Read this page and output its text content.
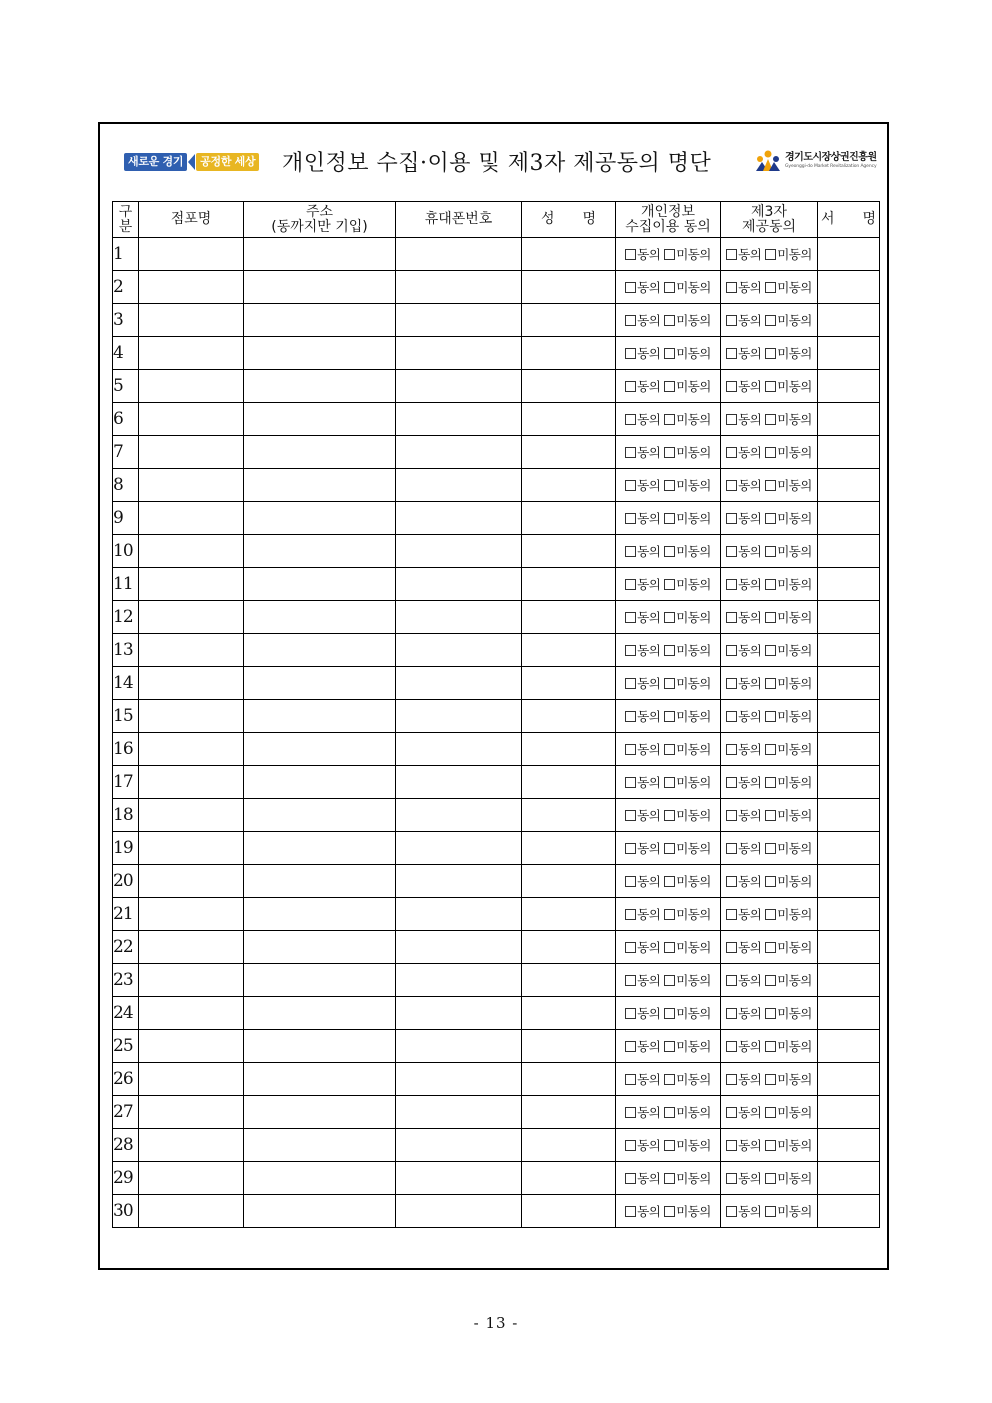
새로운 경기	공정한 세상 개인정보 수집·이용 및 제3자 제공동의 명단	경기도시장상권진흥원
Gyeonggi-do Market Revitalization Agency
구
분	점포명	주소
(동까지만 기입)	휴대폰번호	성　　명	개인정보
수집이용 동의	제3자
제공동의	서　　명
1					동의 미동의	동의 미동의	
2					동의 미동의	동의 미동의	
3					동의 미동의	동의 미동의	
4					동의 미동의	동의 미동의	
5					동의 미동의	동의 미동의	
6					동의 미동의	동의 미동의	
7					동의 미동의	동의 미동의	
8					동의 미동의	동의 미동의	
9					동의 미동의	동의 미동의	
10					동의 미동의	동의 미동의	
11					동의 미동의	동의 미동의	
12					동의 미동의	동의 미동의	
13					동의 미동의	동의 미동의	
14					동의 미동의	동의 미동의	
15					동의 미동의	동의 미동의	
16					동의 미동의	동의 미동의	
17					동의 미동의	동의 미동의	
18					동의 미동의	동의 미동의	
19					동의 미동의	동의 미동의	
20					동의 미동의	동의 미동의	
21					동의 미동의	동의 미동의	
22					동의 미동의	동의 미동의	
23					동의 미동의	동의 미동의	
24					동의 미동의	동의 미동의	
25					동의 미동의	동의 미동의	
26					동의 미동의	동의 미동의	
27					동의 미동의	동의 미동의	
28					동의 미동의	동의 미동의	
29					동의 미동의	동의 미동의	
30					동의 미동의	동의 미동의	
- 13 -
